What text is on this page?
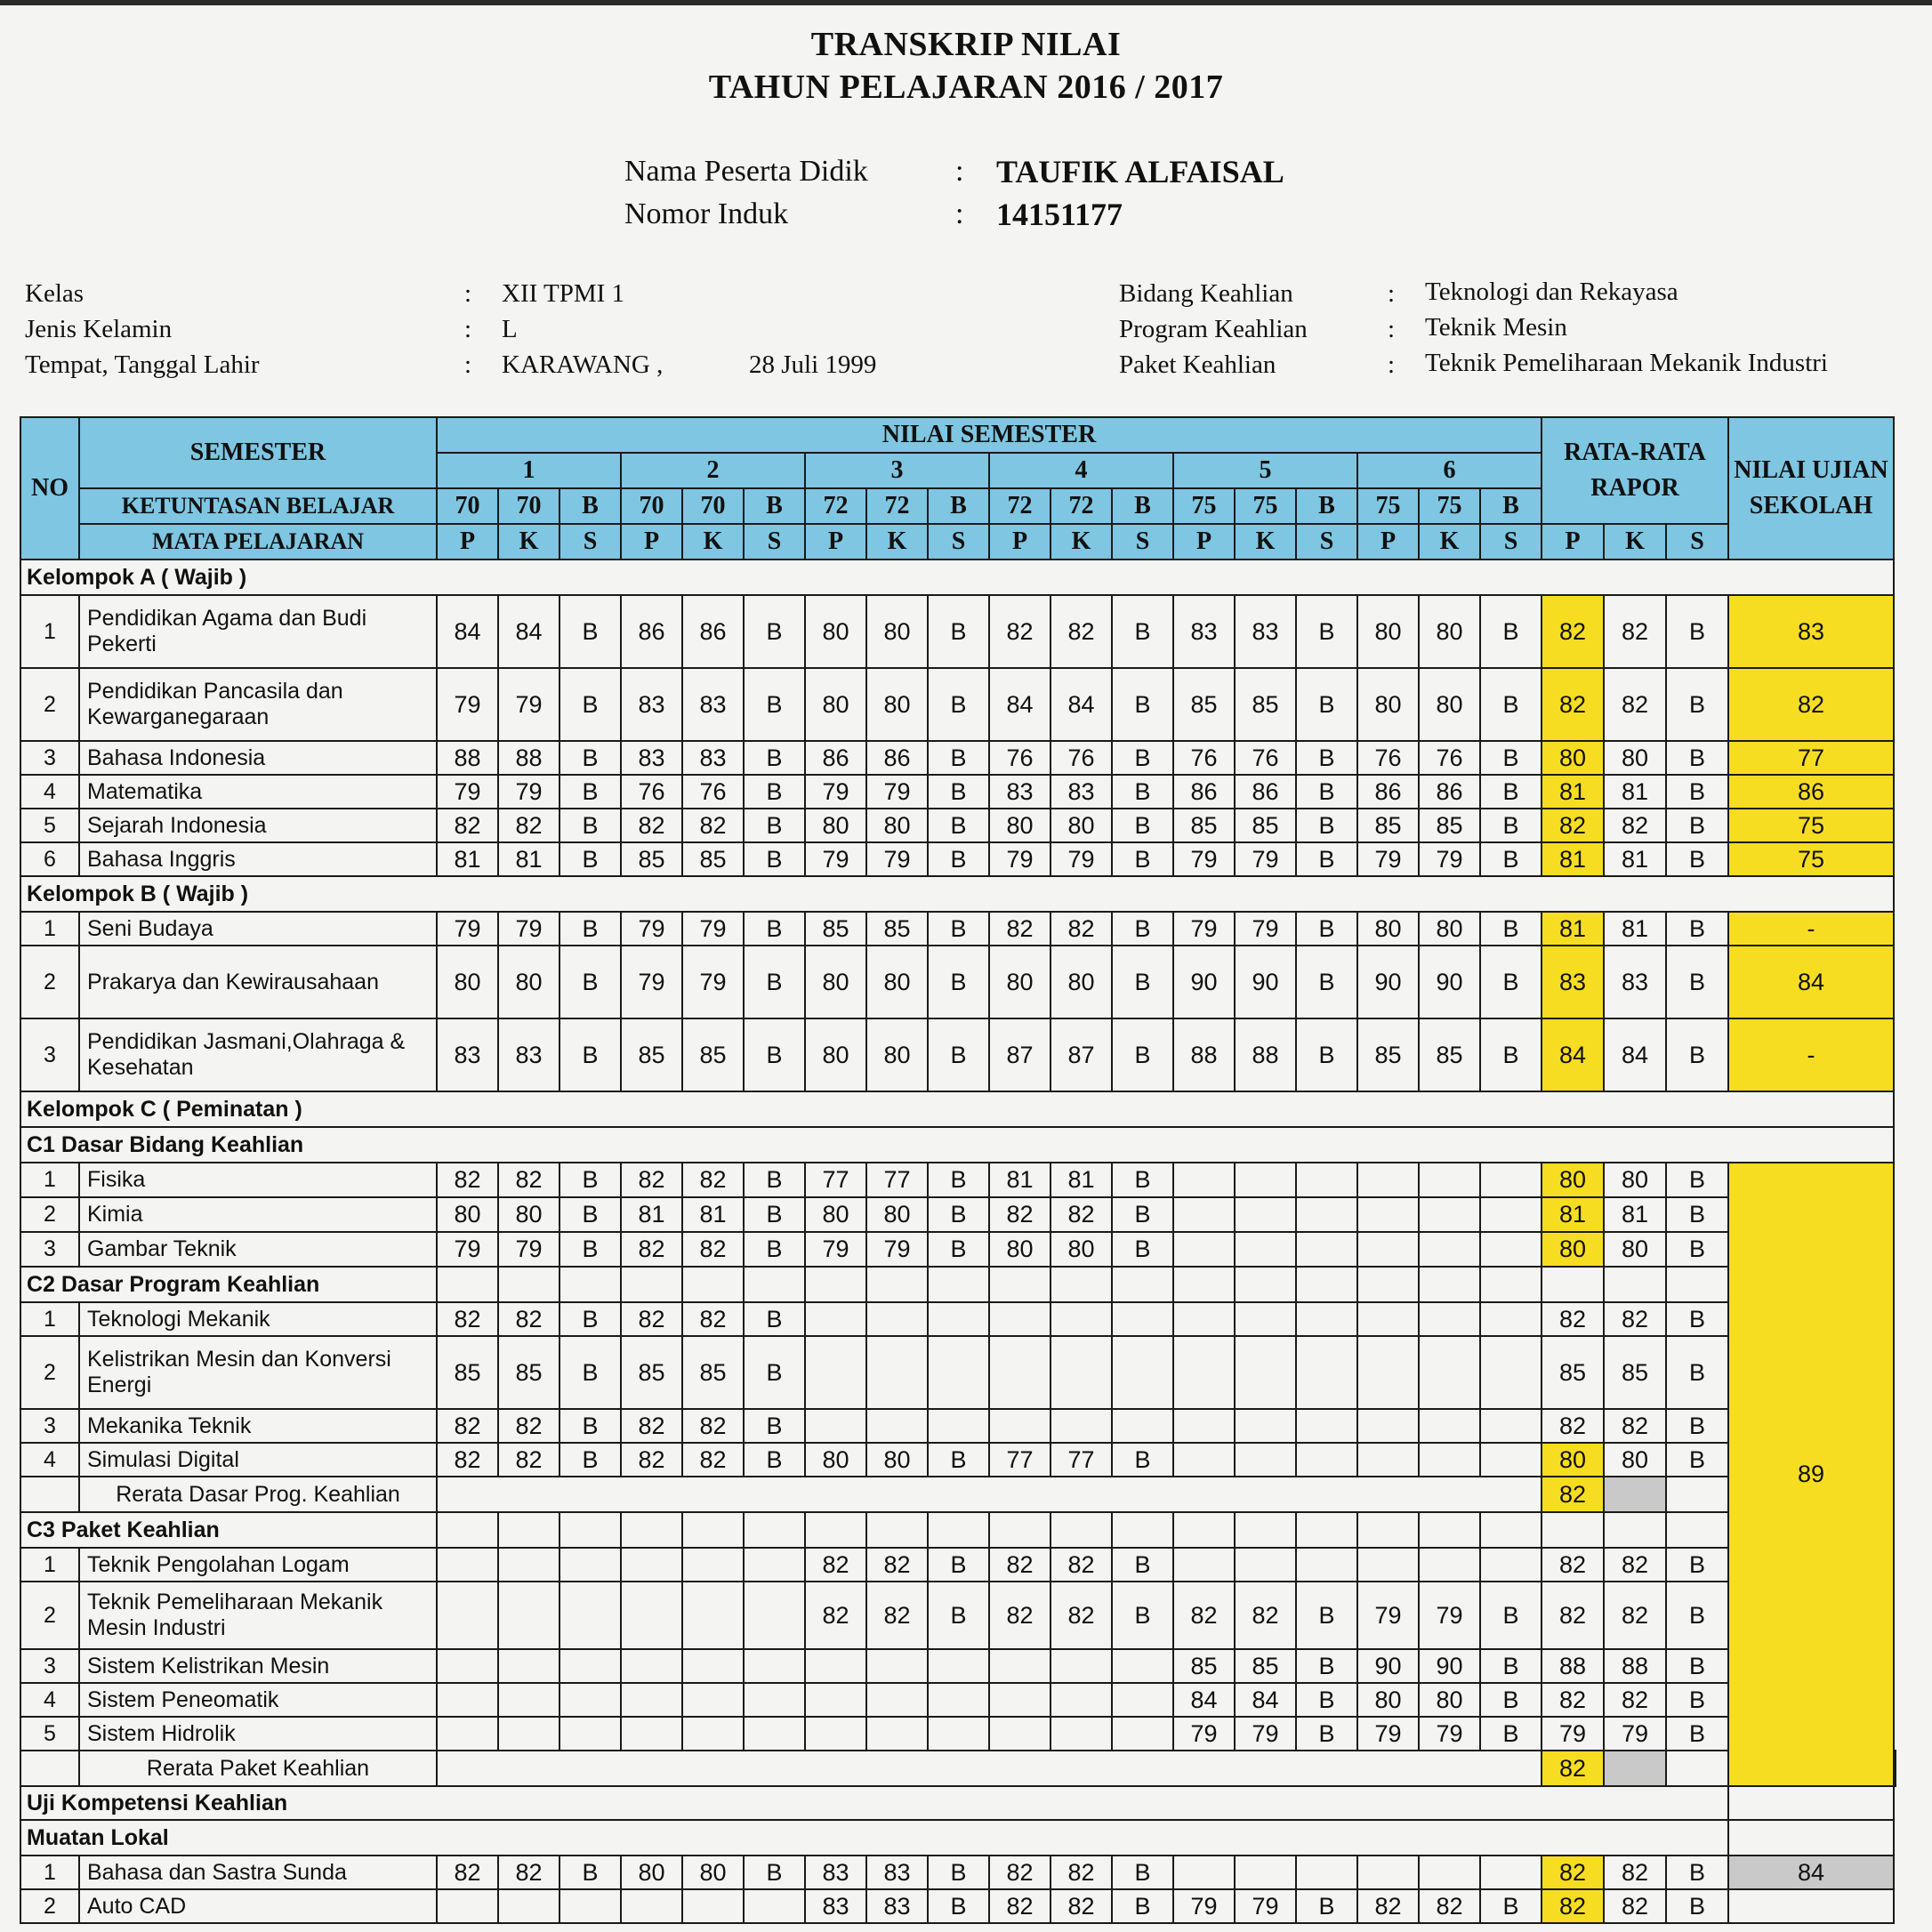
TRANSKRIP NILAI
TAHUN PELAJARAN 2016 / 2017
Nama Peserta Didik	: TAUFIK ALFAISAL
Nomor Induk	: 14151177
Kelas	: XII TPMI 1
Jenis Kelamin	: L
Tempat, Tanggal Lahir	: KARAWANG ,	28 Juli 1999
Bidang Keahlian	: Teknologi dan Rekayasa
Program Keahlian	: Teknik Mesin
Paket Keahlian	: Teknik Pemeliharaan Mekanik Industri
NO	SEMESTER	NILAI SEMESTER																		RATA-RATA RAPOR			NILAI UJIAN SEKOLAH	
		1			2			3			4			5			6							
	KETUNTASAN BELAJAR	70	70	B	70	70	B	72	72	B	72	72	B	75	75	B	75	75	B					
	MATA PELAJARAN	P	K	S	P	K	S	P	K	S	P	K	S	P	K	S	P	K	S	P	K	S		
Kelompok A ( Wajib )																								
1	Pendidikan Agama dan Budi Pekerti	84	84	B	86	86	B	80	80	B	82	82	B	83	83	B	80	80	B	82	82	B	83	
2	Pendidikan Pancasila dan Kewarganegaraan	79	79	B	83	83	B	80	80	B	84	84	B	85	85	B	80	80	B	82	82	B	82	
3	Bahasa Indonesia	88	88	B	83	83	B	86	86	B	76	76	B	76	76	B	76	76	B	80	80	B	77	
4	Matematika	79	79	B	76	76	B	79	79	B	83	83	B	86	86	B	86	86	B	81	81	B	86	
5	Sejarah Indonesia	82	82	B	82	82	B	80	80	B	80	80	B	85	85	B	85	85	B	82	82	B	75	
6	Bahasa Inggris	81	81	B	85	85	B	79	79	B	79	79	B	79	79	B	79	79	B	81	81	B	75	
Kelompok B ( Wajib )																								
1	Seni Budaya	79	79	B	79	79	B	85	85	B	82	82	B	79	79	B	80	80	B	81	81	B	-	
2	Prakarya dan Kewirausahaan	80	80	B	79	79	B	80	80	B	80	80	B	90	90	B	90	90	B	83	83	B	84	
3	Pendidikan Jasmani,Olahraga & Kesehatan	83	83	B	85	85	B	80	80	B	87	87	B	88	88	B	85	85	B	84	84	B	-	
Kelompok C ( Peminatan )																								
C1 Dasar Bidang Keahlian																								
1	Fisika	82	82	B	82	82	B	77	77	B	81	81	B							80	80	B	89	
2	Kimia	80	80	B	81	81	B	80	80	B	82	82	B							81	81	B		
3	Gambar Teknik	79	79	B	82	82	B	79	79	B	80	80	B							80	80	B		
C2 Dasar Program Keahlian																								
1	Teknologi Mekanik	82	82	B	82	82	B													82	82	B		
2	Kelistrikan Mesin dan Konversi Energi	85	85	B	85	85	B													85	85	B		
3	Mekanika Teknik	82	82	B	82	82	B													82	82	B		
4	Simulasi Digital	82	82	B	82	82	B	80	80	B	77	77	B							80	80	B		
	Rerata Dasar Prog. Keahlian																			82				
C3 Paket Keahlian																								
1	Teknik Pengolahan Logam							82	82	B	82	82	B							82	82	B		
2	Teknik Pemeliharaan Mekanik Mesin Industri							82	82	B	82	82	B	82	82	B	79	79	B	82	82	B		
3	Sistem Kelistrikan Mesin													85	85	B	90	90	B	88	88	B		
4	Sistem Peneomatik													84	84	B	80	80	B	82	82	B		
5	Sistem Hidrolik													79	79	B	79	79	B	79	79	B		
	Rerata Paket Keahlian																			82				
Uji Kompetensi Keahlian																								
Muatan Lokal																								
1	Bahasa dan Sastra Sunda	82	82	B	80	80	B	83	83	B	82	82	B							82	82	B	84	
2	Auto CAD							83	83	B	82	82	B	79	79	B	82	82	B	82	82	B		
